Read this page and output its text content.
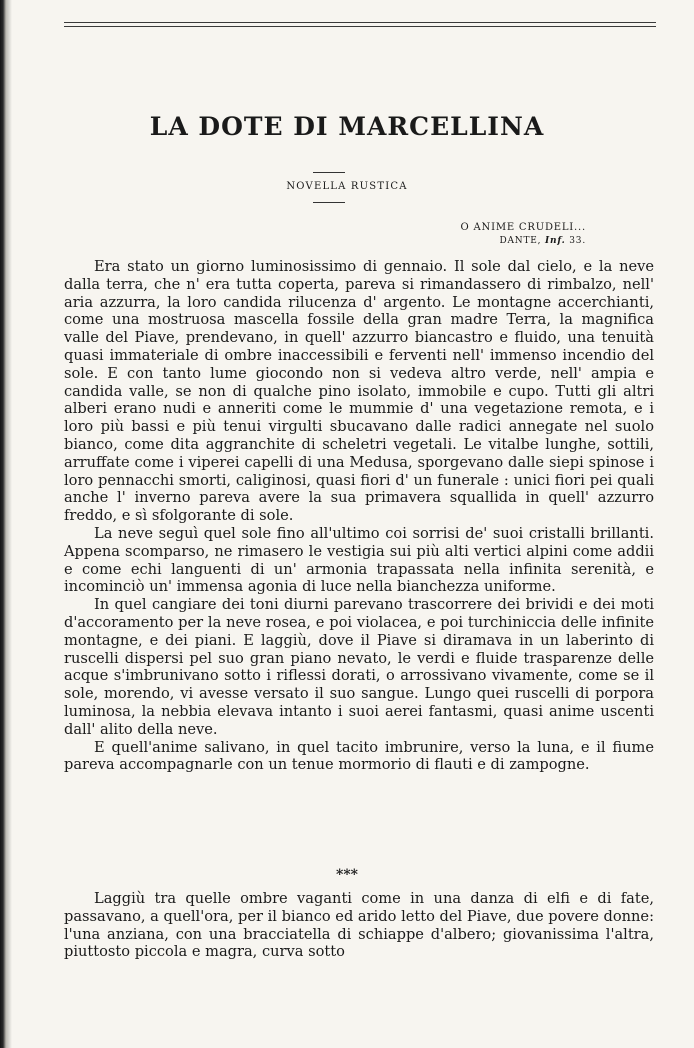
LA DOTE DI MARCELLINA
NOVELLA RUSTICA
O ANIME CRUDELI...
DANTE, Inf. 33.

Era stato un giorno luminosissimo di gennaio. Il sole dal cielo, e la neve dalla terra, che n' era tutta coperta, pareva si rimandassero di rimbalzo, nell' aria azzurra, la loro candida rilucenza d' argento. Le montagne accerchianti, come una mostruosa mascella fossile della gran madre Terra, la magnifica valle del Piave, prendevano, in quell' azzurro biancastro e fluido, una tenuità quasi immateriale di ombre inaccessibili e ferventi nell' immenso incendio del sole. E con tanto lume giocondo non si vedeva altro verde, nell' ampia e candida valle, se non di qualche pino isolato, immobile e cupo. Tutti gli altri alberi erano nudi e anneriti come le mummie d' una vegetazione remota, e i loro più bassi e più tenui virgulti sbucavano dalle radici annegate nel suolo bianco, come dita aggranchite di scheletri vegetali. Le vitalbe lunghe, sottili, arruffate come i viperei capelli di una Medusa, sporgevano dalle siepi spinose i loro pennacchi smorti, caliginosi, quasi fiori d' un funerale : unici fiori pei quali anche l' inverno pareva avere la sua primavera squallida in quell' azzurro freddo, e sì sfolgorante di sole.

La neve seguì quel sole fino all'ultimo coi sorrisi de' suoi cristalli brillanti. Appena scomparso, ne rimasero le vestigia sui più alti vertici alpini come addii e come echi languenti di un' armonia trapassata nella infinita serenità, e incominciò un' immensa agonia di luce nella bianchezza uniforme.

In quel cangiare dei toni diurni parevano trascorrere dei brividi e dei moti d'accoramento per la neve rosea, e poi violacea, e poi turchiniccia delle infinite montagne, e dei piani. E laggiù, dove il Piave si diramava in un laberinto di ruscelli dispersi pel suo gran piano nevato, le verdi e fluide trasparenze delle acque s'imbrunivano sotto i riflessi dorati, o arrossivano vivamente, come se il sole, morendo, vi avesse versato il suo sangue. Lungo quei ruscelli di porpora luminosa, la nebbia elevava intanto i suoi aerei fantasmi, quasi anime uscenti dall' alito della neve.

E quell'anime salivano, in quel tacito imbrunire, verso la luna, e il fiume pareva accompagnarle con un tenue mormorio di flauti e di zampogne.

***

Laggiù tra quelle ombre vaganti come in una danza di elfi e di fate, passavano, a quell'ora, per il bianco ed arido letto del Piave, due povere donne: l'una anziana, con una bracciatella di schiappe d'albero; giovanissima l'altra, piuttosto piccola e magra, curva sotto
